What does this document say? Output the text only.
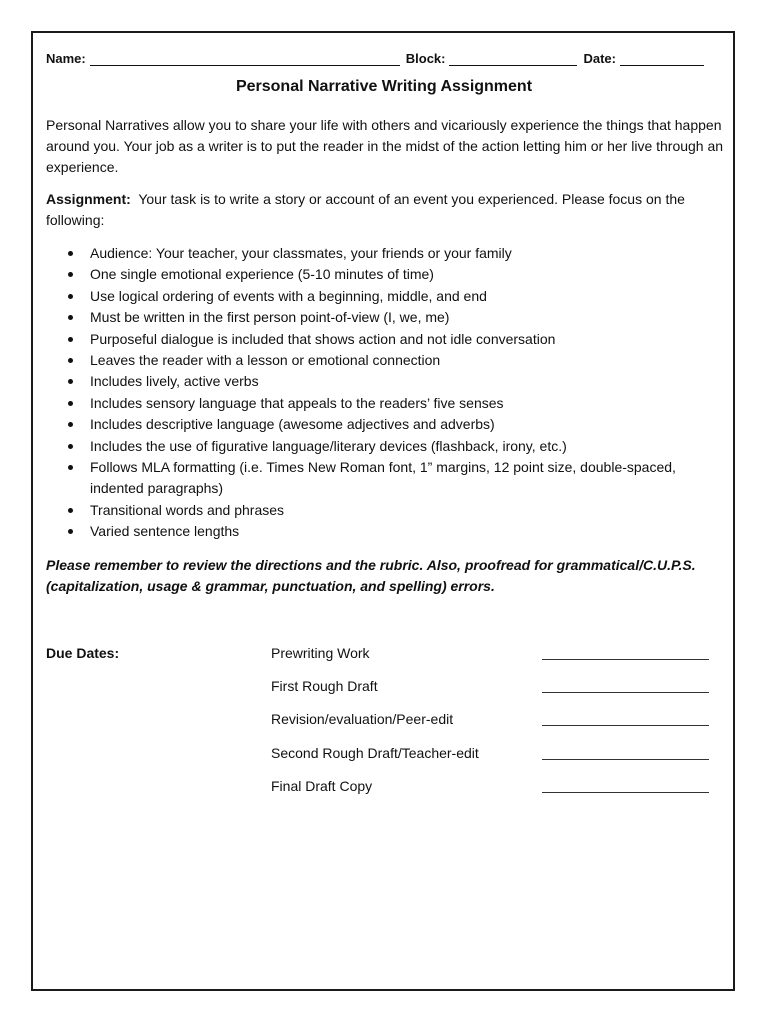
Name:	Block:	Date:
Personal Narrative Writing Assignment
Personal Narratives allow you to share your life with others and vicariously experience the things that happen around you. Your job as a writer is to put the reader in the midst of the action letting him or her live through an experience.
Assignment: Your task is to write a story or account of an event you experienced. Please focus on the following:
Audience: Your teacher, your classmates, your friends or your family
One single emotional experience (5-10 minutes of time)
Use logical ordering of events with a beginning, middle, and end
Must be written in the first person point-of-view (I, we, me)
Purposeful dialogue is included that shows action and not idle conversation
Leaves the reader with a lesson or emotional connection
Includes lively, active verbs
Includes sensory language that appeals to the readers’ five senses
Includes descriptive language (awesome adjectives and adverbs)
Includes the use of figurative language/literary devices (flashback, irony, etc.)
Follows MLA formatting (i.e. Times New Roman font, 1” margins, 12 point size, double-spaced, indented paragraphs)
Transitional words and phrases
Varied sentence lengths
Please remember to review the directions and the rubric. Also, proofread for grammatical/C.U.P.S. (capitalization, usage & grammar, punctuation, and spelling) errors.
Due Dates:	Prewriting Work
First Rough Draft
Revision/evaluation/Peer-edit
Second Rough Draft/Teacher-edit
Final Draft Copy
